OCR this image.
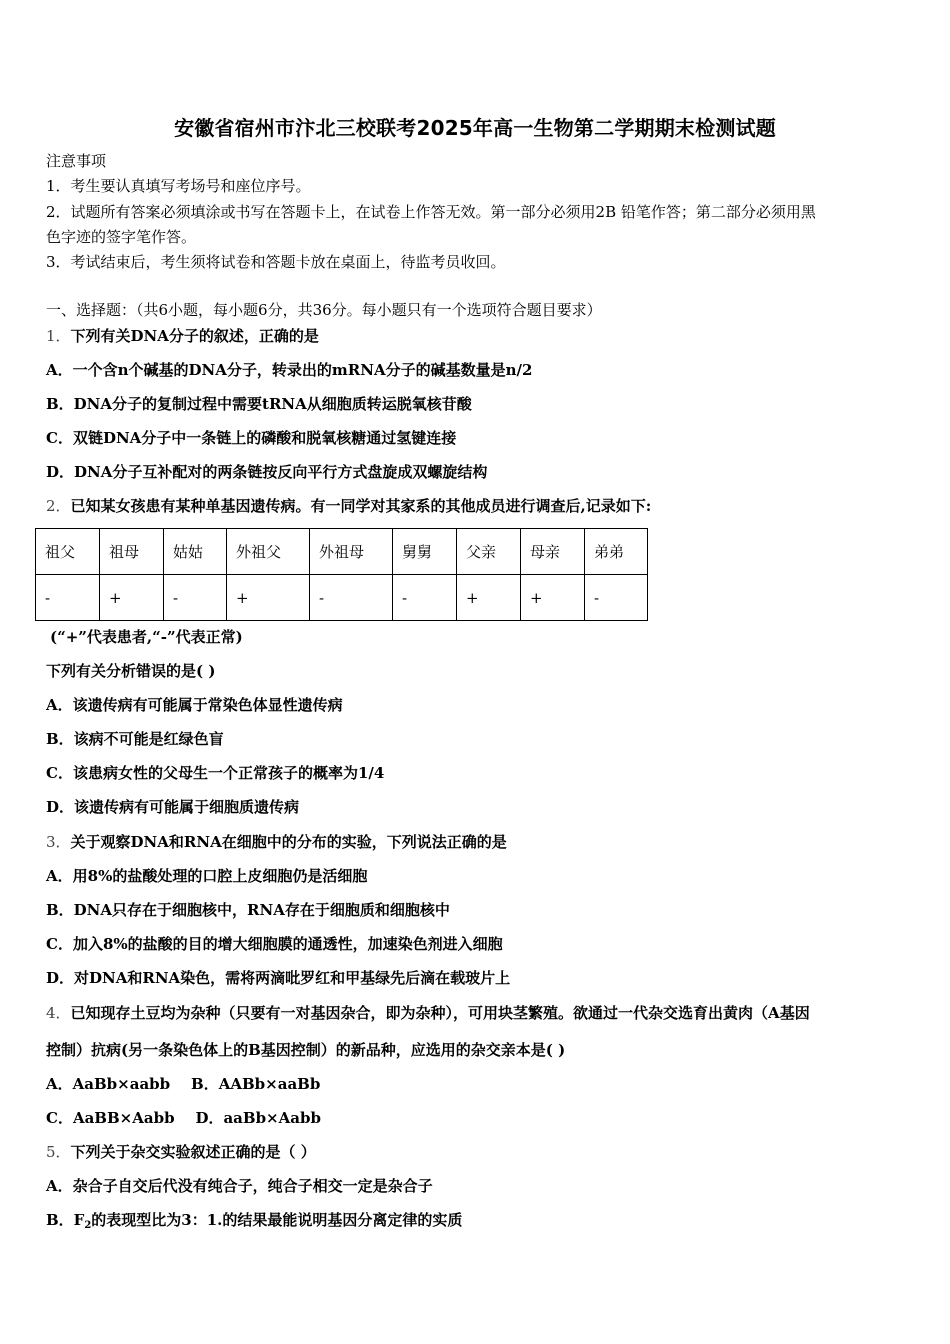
安徽省宿州市汴北三校联考2025年高一生物第二学期期末检测试题
注意事项
1．考生要认真填写考场号和座位序号。
2．试题所有答案必须填涂或书写在答题卡上，在试卷上作答无效。第一部分必须用2B 铅笔作答；第二部分必须用黑
色字迹的签字笔作答。
3．考试结束后，考生须将试卷和答题卡放在桌面上，待监考员收回。
一、选择题：（共6小题，每小题6分，共36分。每小题只有一个选项符合题目要求）
1．下列有关DNA分子的叙述，正确的是
A．一个含n个碱基的DNA分子，转录出的mRNA分子的碱基数量是n/2
B．DNA分子的复制过程中需要tRNA从细胞质转运脱氧核苷酸
C．双链DNA分子中一条链上的磷酸和脱氧核糖通过氢键连接
D．DNA分子互补配对的两条链按反向平行方式盘旋成双螺旋结构
2．已知某女孩患有某种单基因遗传病。有一同学对其家系的其他成员进行调查后,记录如下:
祖父	祖母	姑姑	外祖父	外祖母	舅舅	父亲	母亲	弟弟
-	+	-	+	-	-	+	+	-
(“+”代表患者,“-”代表正常)
下列有关分析错误的是( )
A．该遗传病有可能属于常染色体显性遗传病
B．该病不可能是红绿色盲
C．该患病女性的父母生一个正常孩子的概率为1/4
D．该遗传病有可能属于细胞质遗传病
3．关于观察DNA和RNA在细胞中的分布的实验，下列说法正确的是
A．用8%的盐酸处理的口腔上皮细胞仍是活细胞
B．DNA只存在于细胞核中，RNA存在于细胞质和细胞核中
C．加入8%的盐酸的目的增大细胞膜的通透性，加速染色剂进入细胞
D．对DNA和RNA染色，需将两滴吡罗红和甲基绿先后滴在载玻片上
4．已知现存土豆均为杂种（只要有一对基因杂合，即为杂种），可用块茎繁殖。欲通过一代杂交选育出黄肉（A基因
控制）抗病(另一条染色体上的B基因控制）的新品种，应选用的杂交亲本是( )
A．AaBb×aabb    B．AABb×aaBb
C．AaBB×Aabb    D．aaBb×Aabb
5．下列关于杂交实验叙述正确的是（ ）
A．杂合子自交后代没有纯合子，纯合子相交一定是杂合子
B．$F_2$的表现型比为3：1.的结果最能说明基因分离定律的实质
